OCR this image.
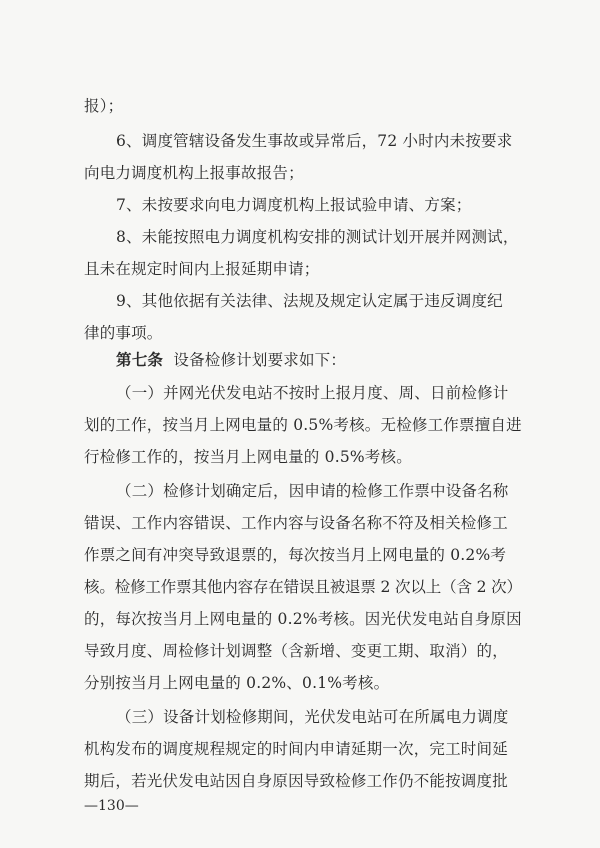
报）；
6、调度管辖设备发生事故或异常后，72 小时内未按要求
向电力调度机构上报事故报告；
7、未按要求向电力调度机构上报试验申请、方案；
8、未能按照电力调度机构安排的测试计划开展并网测试，
且未在规定时间内上报延期申请；
9、其他依据有关法律、法规及规定认定属于违反调度纪
律的事项。
第七条 设备检修计划要求如下：
（一）并网光伏发电站不按时上报月度、周、日前检修计
划的工作，按当月上网电量的 0.5%考核。无检修工作票擅自进
行检修工作的，按当月上网电量的 0.5%考核。
（二）检修计划确定后，因申请的检修工作票中设备名称
错误、工作内容错误、工作内容与设备名称不符及相关检修工
作票之间有冲突导致退票的，每次按当月上网电量的 0.2%考
核。检修工作票其他内容存在错误且被退票 2 次以上（含 2 次）
的，每次按当月上网电量的 0.2%考核。因光伏发电站自身原因
导致月度、周检修计划调整（含新增、变更工期、取消）的，
分别按当月上网电量的 0.2%、0.1%考核。
（三）设备计划检修期间，光伏发电站可在所属电力调度
机构发布的调度规程规定的时间内申请延期一次，完工时间延
期后，若光伏发电站因自身原因导致检修工作仍不能按调度批
—130—
